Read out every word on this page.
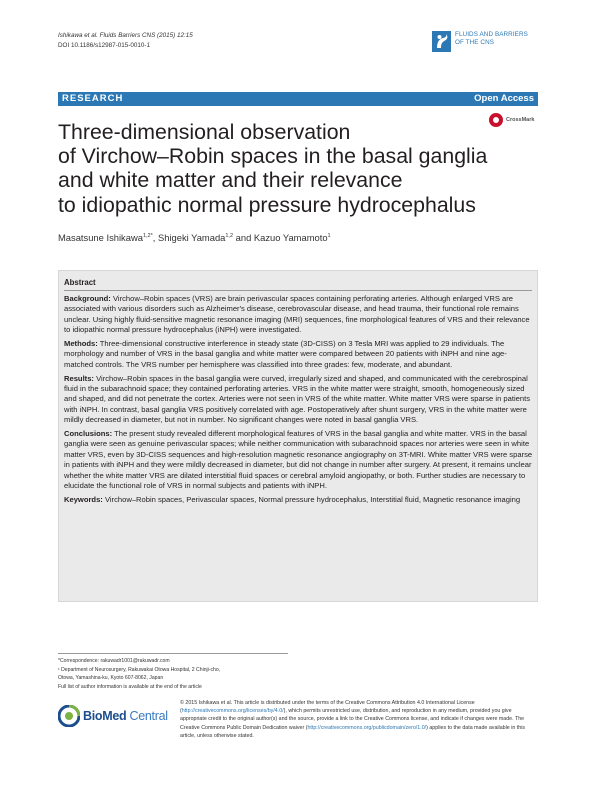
Ishikawa et al. Fluids Barriers CNS (2015) 12:15
DOI 10.1186/s12987-015-0010-1
FLUIDS AND BARRIERS
OF THE CNS
RESEARCH	Open Access
CrossMark
Three-dimensional observation
of Virchow–Robin spaces in the basal ganglia
and white matter and their relevance
to idiopathic normal pressure hydrocephalus
Masatsune Ishikawa$^{1,2*}$, Shigeki Yamada$^{1,2}$ and Kazuo Yamamoto$^1$
Abstract

Background: Virchow–Robin spaces (VRS) are brain perivascular spaces containing perforating arteries. Although enlarged VRS are associated with various disorders such as Alzheimer's disease, cerebrovascular disease, and head trauma, their functional role remains unclear. Using highly fluid-sensitive magnetic resonance imaging (MRI) sequences, fine morphological features of VRS and their relevance to idiopathic normal pressure hydrocephalus (iNPH) were investigated.

Methods: Three-dimensional constructive interference in steady state (3D-CISS) on 3 Tesla MRI was applied to 29 individuals. The morphology and number of VRS in the basal ganglia and white matter were compared between 20 patients with iNPH and nine age-matched controls. The VRS number per hemisphere was classified into three grades: few, moderate, and abundant.

Results: Virchow–Robin spaces in the basal ganglia were curved, irregularly sized and shaped, and communicated with the cerebrospinal fluid in the subarachnoid space; they contained perforating arteries. VRS in the white matter were straight, smooth, homogeneously sized and shaped, and did not penetrate the cortex. Arteries were not seen in VRS of the white matter. White matter VRS were sparse in patients with iNPH. In contrast, basal ganglia VRS positively correlated with age. Postoperatively after shunt surgery, VRS in the white matter were mildly decreased in diameter, but not in number. No significant changes were noted in basal ganglia VRS.

Conclusions: The present study revealed different morphological features of VRS in the basal ganglia and white matter. VRS in the basal ganglia were seen as genuine perivascular spaces; while neither communication with subarachnoid spaces nor arteries were seen in white matter VRS, even by 3D-CISS sequences and high-resolution magnetic resonance angiography on 3T-MRI. White matter VRS were sparse in patients with iNPH and they were mildly decreased in diameter, but did not change in number after surgery. At present, it remains unclear whether the white matter VRS are dilated interstitial fluid spaces or cerebral amyloid angiopathy, or both. Further studies are necessary to elucidate the functional role of VRS in normal subjects and patients with iNPH.

Keywords: Virchow–Robin spaces, Perivascular spaces, Normal pressure hydrocephalus, Interstitial fluid, Magnetic resonance imaging

*Correspondence: rakuwadr1001@rakuwadr.com
¹ Department of Neurosurgery, Rakuwakai Otowa Hospital, 2 Chinji-cho,
Otowa, Yamashina-ku, Kyoto 607-8062, Japan
Full list of author information is available at the end of the article
BioMed Central
© 2015 Ishikawa et al. This article is distributed under the terms of the Creative Commons Attribution 4.0 International License (http://creativecommons.org/licenses/by/4.0/), which permits unrestricted use, distribution, and reproduction in any medium, provided you give appropriate credit to the original author(s) and the source, provide a link to the Creative Commons license, and indicate if changes were made. The Creative Commons Public Domain Dedication waiver (http://creativecommons.org/publicdomain/zero/1.0/) applies to the data made available in this article, unless otherwise stated.
